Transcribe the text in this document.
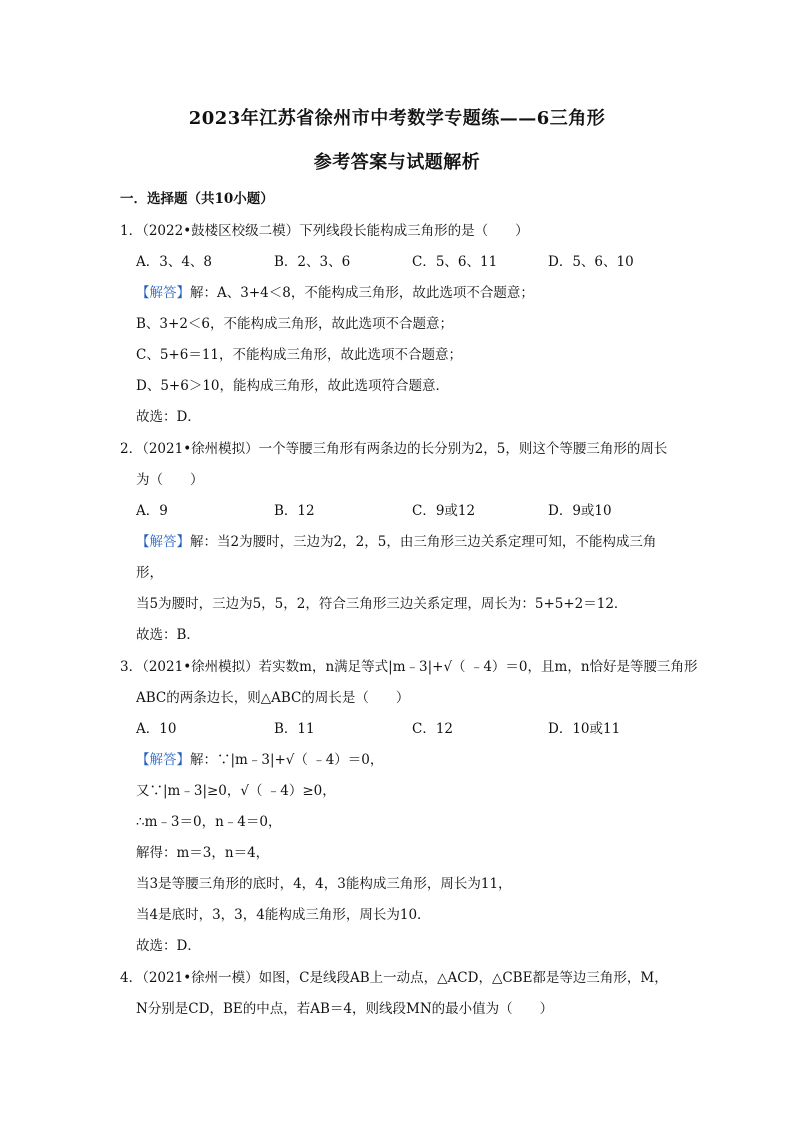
2023年江苏省徐州市中考数学专题练——6三角形
参考答案与试题解析
一．选择题（共10小题）
1．（2022•鼓楼区校级二模）下列线段长能构成三角形的是（　　）
A．3、4、8	B．2、3、6	C．5、6、11	D．5、6、10
【解答】解：A、3+4＜8，不能构成三角形，故此选项不合题意；
B、3+2＜6，不能构成三角形，故此选项不合题意；
C、5+6＝11，不能构成三角形，故此选项不合题意；
D、5+6＞10，能构成三角形，故此选项符合题意．
故选：D．
2．（2021•徐州模拟）一个等腰三角形有两条边的长分别为2，5，则这个等腰三角形的周长
为（　　）
A．9	B．12	C．9或12	D．9或10
【解答】解：当2为腰时，三边为2，2，5，由三角形三边关系定理可知，不能构成三角
形，
当5为腰时，三边为5，5，2，符合三角形三边关系定理，周长为：5+5+2＝12．
故选：B．
3．（2021•徐州模拟）若实数m，n满足等式|m﹣3|+√（ ﹣4）＝0，且m，n恰好是等腰三角形
ABC的两条边长，则△ABC的周长是（　　）
A．10	B．11	C．12	D．10或11
【解答】解：∵|m﹣3|+√（ ﹣4）＝0，
又∵|m﹣3|≥0，√（ ﹣4）≥0，
∴m﹣3＝0，n﹣4＝0，
解得：m＝3，n＝4，
当3是等腰三角形的底时，4，4，3能构成三角形，周长为11，
当4是底时，3，3，4能构成三角形，周长为10．
故选：D．
4．（2021•徐州一模）如图，C是线段AB上一动点，△ACD，△CBE都是等边三角形，M，
N分别是CD，BE的中点，若AB＝4，则线段MN的最小值为（　　）
